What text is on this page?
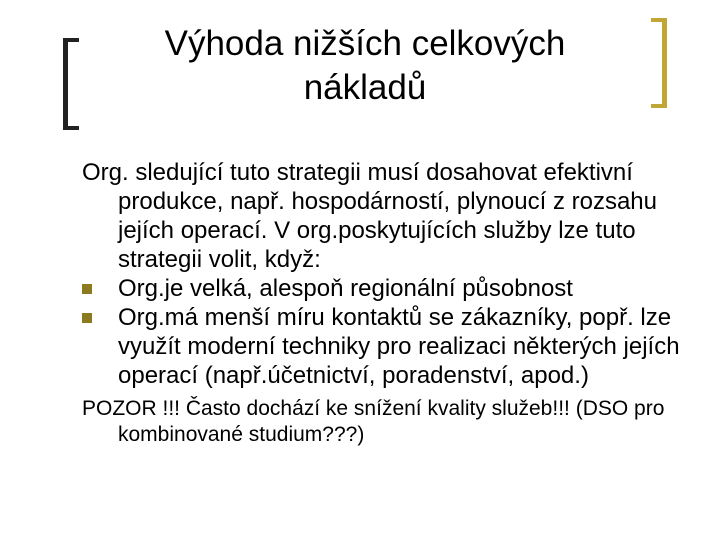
Výhoda nižších celkových
nákladů

Org. sledující tuto strategii musí dosahovat efektivní produkce, např. hospodárností, plynoucí z rozsahu jejích operací. V org.poskytujících služby lze tuto strategii volit, když:

Org.je velká, alespoň regionální působnost
Org.má menší míru kontaktů se zákazníky, popř. lze využít moderní techniky pro realizaci některých jejích operací (např.účetnictví, poradenství, apod.)

POZOR !!! Často dochází ke snížení kvality služeb!!! (DSO pro kombinované studium???)
